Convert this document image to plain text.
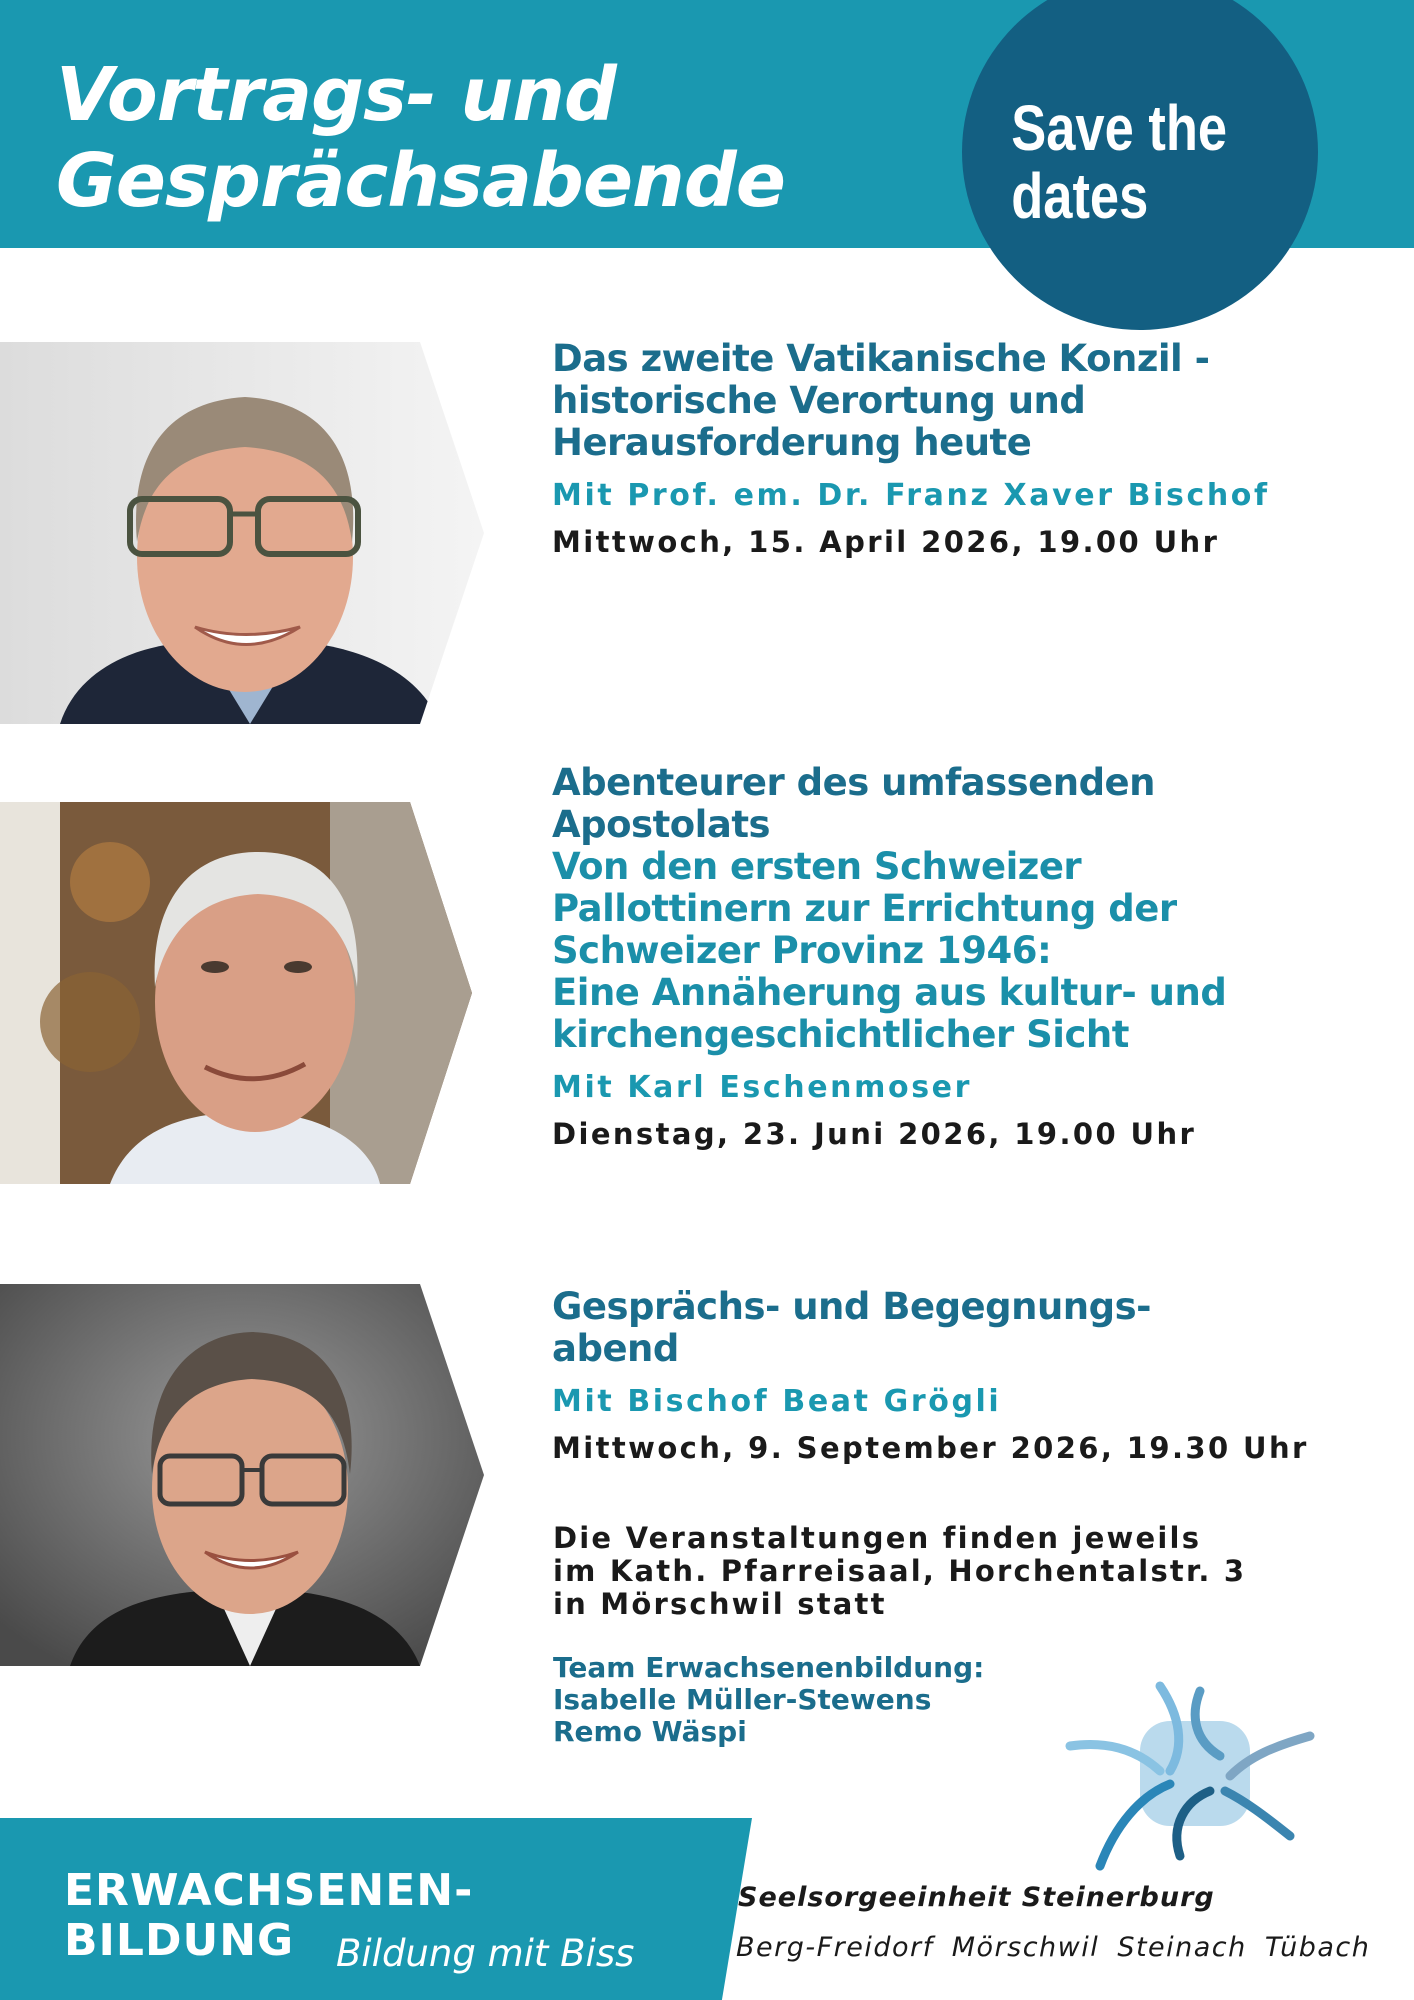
Vortrags- und
Gesprächsabende
Save the
dates
Das zweite Vatikanische Konzil -
historische Verortung und
Herausforderung heute
Mit Prof. em. Dr. Franz Xaver Bischof
Mittwoch, 15. April 2026, 19.00 Uhr
Abenteurer des umfassenden
Apostolats
Von den ersten Schweizer
Pallottinern zur Errichtung der
Schweizer Provinz 1946:
Eine Annäherung aus kultur- und
kirchengeschichtlicher Sicht
Mit Karl Eschenmoser
Dienstag, 23. Juni 2026, 19.00 Uhr
Gesprächs- und Begegnungs-
abend
Mit Bischof Beat Grögli
Mittwoch, 9. September 2026, 19.30 Uhr
Die Veranstaltungen finden jeweils
im Kath. Pfarreisaal, Horchentalstr. 3
in Mörschwil statt
Team Erwachsenenbildung:
Isabelle Müller-Stewens
Remo Wäspi
ERWACHSENEN-
BILDUNG	Bildung mit Biss
Seelsorgeeinheit Steinerburg
Berg-Freidorf Mörschwil Steinach Tübach
